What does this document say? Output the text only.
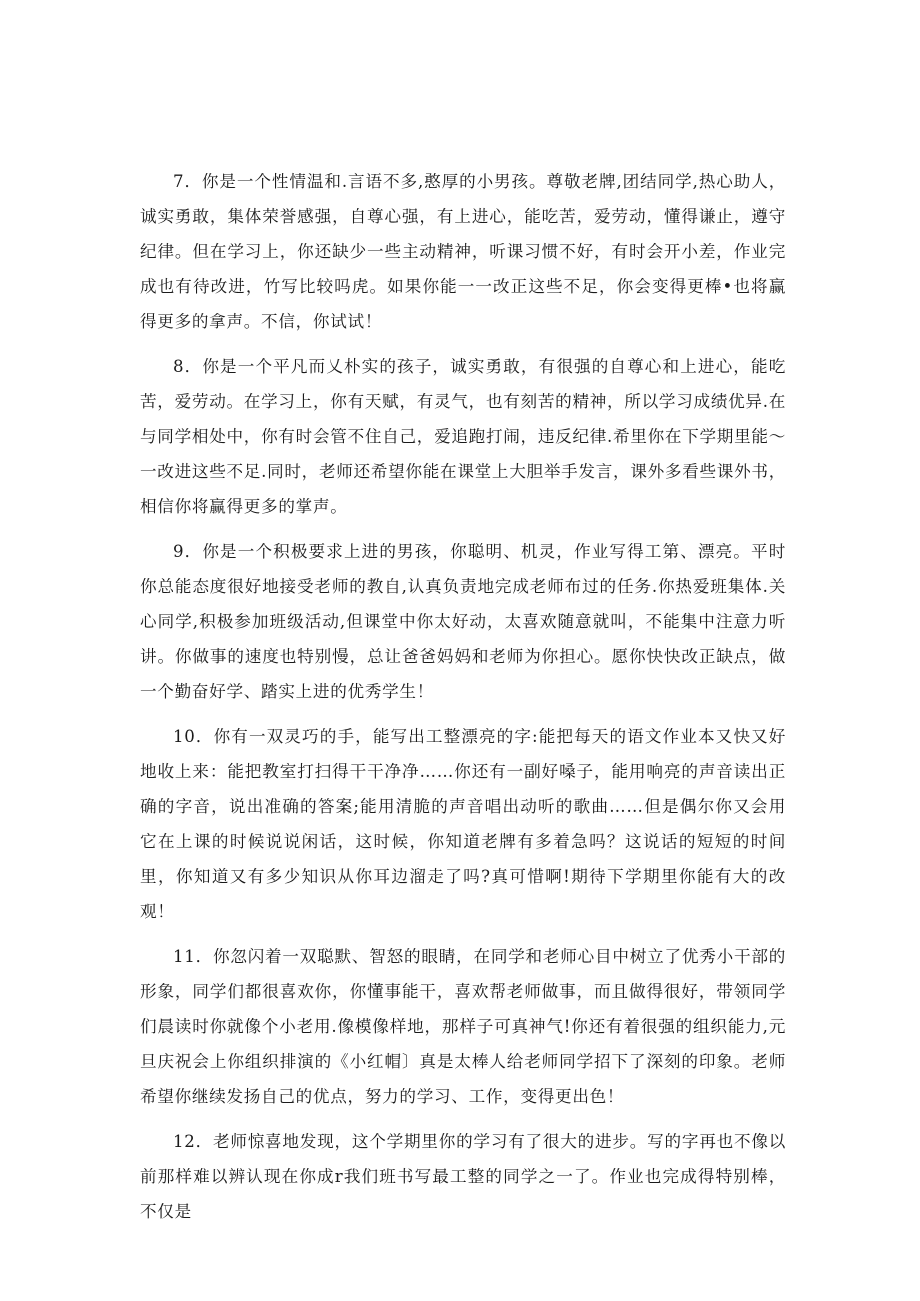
7．你是一个性情温和.言语不多,憨厚的小男孩。尊敬老牌,团结同学,热心助人，诚实勇敢，集体荣誉感强，自尊心强，有上进心，能吃苦，爱劳动，懂得谦止，遵守纪律。但在学习上，你还缺少一些主动精神，听课习惯不好，有时会开小差，作业完成也有待改进，竹写比较吗虎。如果你能一一改正这些不足，你会变得更棒•也将赢得更多的拿声。不信，你试试！

8．你是一个平凡而乂朴实的孩子，诚实勇敢，有很强的自尊心和上进心，能吃苦，爱劳动。在学习上，你有天赋，有灵气，也有刻苦的精神，所以学习成绩优异.在与同学相处中，你有时会管不住自己，爱追跑打闹，违反纪律.希里你在下学期里能～一改进这些不足.同时，老师还希望你能在课堂上大胆举手发言，课外多看些课外书，相信你将赢得更多的掌声。

9．你是一个积极要求上进的男孩，你聪明、机灵，作业写得工第、漂亮。平时你总能态度很好地接受老师的教自,认真负责地完成老师布过的任务.你热爱班集体.关心同学,积极参加班级活动,但课堂中你太好动，太喜欢随意就叫，不能集中注意力听讲。你做事的速度也特别慢，总让爸爸妈妈和老师为你担心。愿你快快改正缺点，做一个勤奋好学、踏实上进的优秀学生！

10．你有一双灵巧的手，能写出工整漂亮的字:能把每天的语文作业本又快又好地收上来：能把教室打扫得干干净净……你还有一副好嗓子，能用响亮的声音读出正确的字音，说出准确的答案;能用清脆的声音唱出动听的歌曲……但是偶尔你又会用它在上课的时候说说闲话，这时候，你知道老牌有多着急吗？这说话的短短的时间里，你知道又有多少知识从你耳边溜走了吗?真可惜啊!期待下学期里你能有大的改观！

11．你忽闪着一双聪默、智怒的眼睛，在同学和老师心目中树立了优秀小干部的形象，同学们都很喜欢你，你懂事能干，喜欢帮老师做事，而且做得很好，带领同学们晨读时你就像个小老用.像模像样地，那样子可真神气!你还有着很强的组织能力,元旦庆祝会上你组织排演的《小红帽〕真是太棒人给老师同学招下了深刻的印象。老师希望你继续发扬自己的优点，努力的学习、工作，变得更出色！

12．老师惊喜地发现，这个学期里你的学习有了很大的进步。写的字再也不像以前那样难以辨认现在你成r我们班书写最工整的同学之一了。作业也完成得特别棒，不仅是
